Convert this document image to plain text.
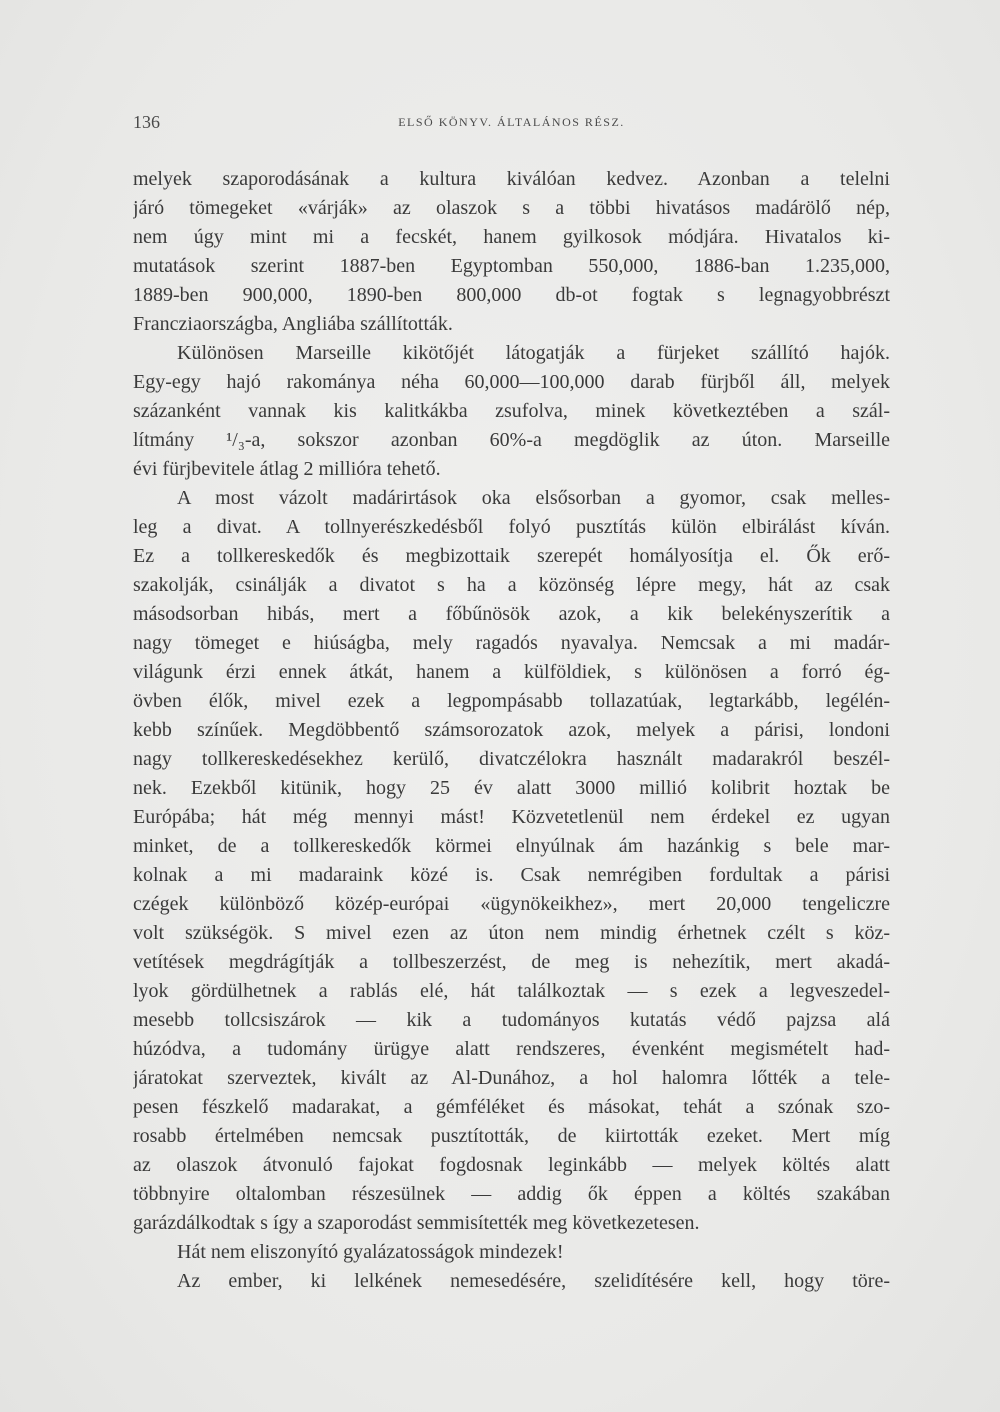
136	ELSŐ KÖNYV. ÁLTALÁNOS RÉSZ.
melyek szaporodásának a kultura kiválóan kedvez. Azonban a telelni
járó tömegeket «várják» az olaszok s a többi hivatásos madárölő nép,
nem úgy mint mi a fecskét, hanem gyilkosok módjára. Hivatalos ki-
mutatások szerint 1887-ben Egyptomban 550,000, 1886-ban 1.235,000,
1889-ben 900,000, 1890-ben 800,000 db-ot fogtak s legnagyobbrészt
Francziaországba, Angliába szállították.
Különösen Marseille kikötőjét látogatják a fürjeket szállító hajók.
Egy-egy hajó rakománya néha 60,000—100,000 darab fürjből áll, melyek
százanként vannak kis kalitkákba zsufolva, minek következtében a szál-
lítmány ¹/₃-a, sokszor azonban 60%-a megdöglik az úton. Marseille
évi fürjbevitele átlag 2 millióra tehető.
A most vázolt madárirtások oka elsősorban a gyomor, csak melles-
leg a divat. A tollnyerészkedésből folyó pusztítás külön elbirálást kíván.
Ez a tollkereskedők és megbizottaik szerepét homályosítja el. Ők erő-
szakolják, csinálják a divatot s ha a közönség lépre megy, hát az csak
másodsorban hibás, mert a főbűnösök azok, a kik belekényszerítik a
nagy tömeget e hiúságba, mely ragadós nyavalya. Nemcsak a mi madár-
világunk érzi ennek átkát, hanem a külföldiek, s különösen a forró ég-
övben élők, mivel ezek a legpompásabb tollazatúak, legtarkább, legélén-
kebb színűek. Megdöbbentő számsorozatok azok, melyek a párisi, londoni
nagy tollkereskedésekhez kerülő, divatczélokra használt madarakról beszél-
nek. Ezekből kitünik, hogy 25 év alatt 3000 millió kolibrit hoztak be
Európába; hát még mennyi mást! Közvetetlenül nem érdekel ez ugyan
minket, de a tollkereskedők körmei elnyúlnak ám hazánkig s bele mar-
kolnak a mi madaraink közé is. Csak nemrégiben fordultak a párisi
czégek különböző közép-európai «ügynökeikhez», mert 20,000 tengeliczre
volt szükségök. S mivel ezen az úton nem mindig érhetnek czélt s köz-
vetítések megdrágítják a tollbeszerzést, de meg is nehezítik, mert akadá-
lyok gördülhetnek a rablás elé, hát találkoztak — s ezek a legveszedel-
mesebb tollcsiszárok — kik a tudományos kutatás védő pajzsa alá
húzódva, a tudomány ürügye alatt rendszeres, évenként megismételt had-
járatokat szerveztek, kivált az Al-Dunához, a hol halomra lőtték a tele-
pesen fészkelő madarakat, a gémféléket és másokat, tehát a szónak szo-
rosabb értelmében nemcsak pusztították, de kiirtották ezeket. Mert míg
az olaszok átvonuló fajokat fogdosnak leginkább — melyek költés alatt
többnyire oltalomban részesülnek — addig ők éppen a költés szakában
garázdálkodtak s így a szaporodást semmisítették meg következetesen.
Hát nem eliszonyító gyalázatosságok mindezek!
Az ember, ki lelkének nemesedésére, szelidítésére kell, hogy töre-
